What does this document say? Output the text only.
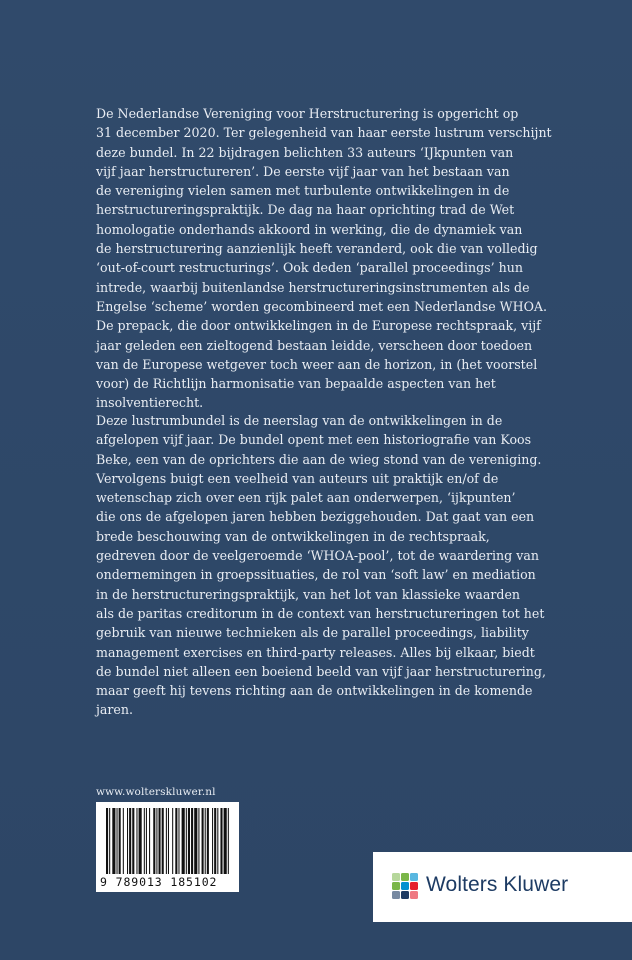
De Nederlandse Vereniging voor Herstructurering is opgericht op
31 december 2020. Ter gelegenheid van haar eerste lustrum verschijnt
deze bundel. In 22 bijdragen belichten 33 auteurs ‘IJkpunten van
vijf jaar herstructureren’. De eerste vijf jaar van het bestaan van
de vereniging vielen samen met turbulente ontwikkelingen in de
herstructureringspraktijk. De dag na haar oprichting trad de Wet
homologatie onderhands akkoord in werking, die de dynamiek van
de herstructurering aanzienlijk heeft veranderd, ook die van volledig
‘out-of-court restructurings’. Ook deden ‘parallel proceedings’ hun
intrede, waarbij buitenlandse herstructureringsinstrumenten als de
Engelse ‘scheme’ worden gecombineerd met een Nederlandse WHOA.
De prepack, die door ontwikkelingen in de Europese rechtspraak, vijf
jaar geleden een zieltogend bestaan leidde, verscheen door toedoen
van de Europese wetgever toch weer aan de horizon, in (het voorstel
voor) de Richtlijn harmonisatie van bepaalde aspecten van het
insolventierecht.

Deze lustrumbundel is de neerslag van de ontwikkelingen in de
afgelopen vijf jaar. De bundel opent met een historiografie van Koos
Beke, een van de oprichters die aan de wieg stond van de vereniging.
Vervolgens buigt een veelheid van auteurs uit praktijk en/of de
wetenschap zich over een rijk palet aan onderwerpen, ‘ijkpunten’
die ons de afgelopen jaren hebben beziggehouden. Dat gaat van een
brede beschouwing van de ontwikkelingen in de rechtspraak,
gedreven door de veelgeroemde ‘WHOA-pool’, tot de waardering van
ondernemingen in groepssituaties, de rol van ‘soft law’ en mediation
in de herstructureringspraktijk, van het lot van klassieke waarden
als de paritas creditorum in de context van herstructureringen tot het
gebruik van nieuwe technieken als de parallel proceedings, liability
management exercises en third-party releases. Alles bij elkaar, biedt
de bundel niet alleen een boeiend beeld van vijf jaar herstructurering,
maar geeft hij tevens richting aan de ontwikkelingen in de komende
jaren.

www.wolterskluwer.nl
9 789013 185102	Wolters Kluwer
